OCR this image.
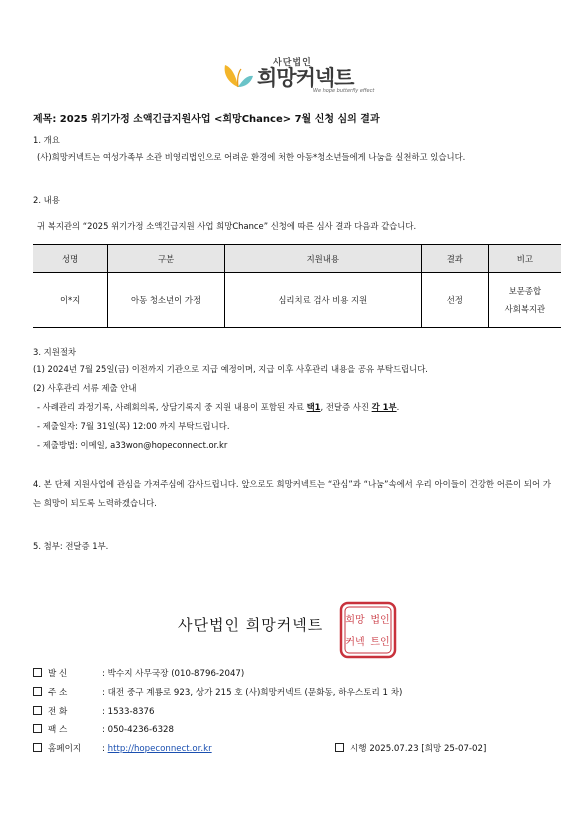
사단법인
희망커넥트
We hope butterfly effect
제목: 2025 위기가정 소액긴급지원사업 <희망Chance> 7월 신청 심의 결과
1. 개요
(사)희망커넥트는 여성가족부 소관 비영리법인으로 어려운 환경에 처한 아동*청소년들에게 나눔을 실천하고 있습니다.
2. 내용
귀 복지관의 “2025 위기가정 소액긴급지원 사업 희망Chance” 신청에 따른 심사 결과 다음과 같습니다.
성명	구분	지원내용	결과	비고
이*지	아동 청소년이 가정	심리치료 검사 비용 지원	선정	보문종합
사회복지관
3. 지원절차
(1) 2024년 7월 25일(금) 이전까지 기관으로 지급 예정이며, 지급 이후 사후관리 내용을 공유 부탁드립니다.
(2) 사후관리 서류 제출 안내
- 사례관리 과정기록, 사례회의록, 상담기록지 중 지원 내용이 포함된 자료 택1, 전달증 사진 각 1부.
- 제출일자: 7월 31일(목) 12:00 까지 부탁드립니다.
- 제출방법: 이메일, a33won@hopeconnect.or.kr
4. 본 단체 지원사업에 관심을 가져주심에 감사드립니다. 앞으로도 희망커넥트는 “관심”과 “나눔”속에서 우리 아이들이 건강한 어른이 되어 가는 희망이 되도록 노력하겠습니다.
5. 첨부: 전달증 1부.
사단법인 희망커넥트 희망 법인
커넥 트인
발 신	: 박수지 사무국장 (010-8796-2047)
주 소	: 대전 중구 계룡로 923, 상가 215 호 (사)희망커넥트 (문화동, 하우스토리 1 차)
전 화	: 1533-8376
팩 스	: 050-4236-6328
홈페이지 : http://hopeconnect.or.kr	시행 2025.07.23 [희망 25-07-02]
